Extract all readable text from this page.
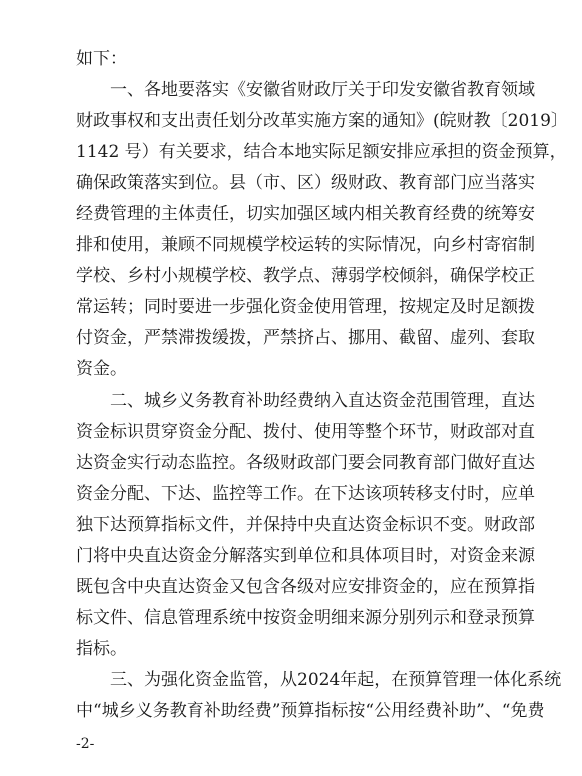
如下：
一、各地要落实《安徽省财政厅关于印发安徽省教育领域
财政事权和支出责任划分改革实施方案的通知》(皖财教〔2019〕
1142 号）有关要求，结合本地实际足额安排应承担的资金预算，
确保政策落实到位。县（市、区）级财政、教育部门应当落实
经费管理的主体责任，切实加强区域内相关教育经费的统筹安
排和使用，兼顾不同规模学校运转的实际情况，向乡村寄宿制
学校、乡村小规模学校、教学点、薄弱学校倾斜，确保学校正
常运转；同时要进一步强化资金使用管理，按规定及时足额拨
付资金，严禁滞拨缓拨，严禁挤占、挪用、截留、虚列、套取
资金。
二、城乡义务教育补助经费纳入直达资金范围管理，直达
资金标识贯穿资金分配、拨付、使用等整个环节，财政部对直
达资金实行动态监控。各级财政部门要会同教育部门做好直达
资金分配、下达、监控等工作。在下达该项转移支付时，应单
独下达预算指标文件，并保持中央直达资金标识不变。财政部
门将中央直达资金分解落实到单位和具体项目时，对资金来源
既包含中央直达资金又包含各级对应安排资金的，应在预算指
标文件、信息管理系统中按资金明细来源分别列示和登录预算
指标。
三、为强化资金监管，从2024年起，在预算管理一体化系统
中“城乡义务教育补助经费”预算指标按“公用经费补助”、“免费
-2-
